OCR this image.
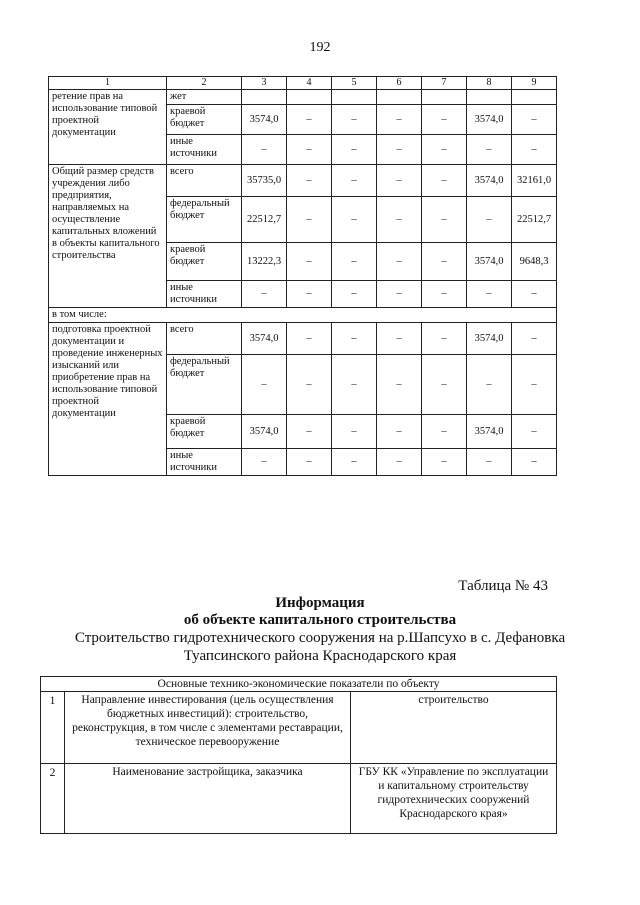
192
1	2	3	4	5	6	7	8	9
ретение прав на использование типовой проектной документации	жет							
	краевой бюджет	3574,0	–	–	–	–	3574,0	–
	иные источники	–	–	–	–	–	–	–
Общий размер средств учреждения либо предприятия, направляемых на осуществление капитальных вложений в объекты капитального строительства	всего	35735,0	–	–	–	–	3574,0	32161,0
	федеральный бюджет	22512,7	–	–	–	–	–	22512,7
	краевой бюджет	13222,3	–	–	–	–	3574,0	9648,3
	иные источники	–	–	–	–	–	–	–
в том числе:								
подготовка проектной документации и проведение инженерных изысканий или приобретение прав на использование типовой проектной документации	всего	3574,0	–	–	–	–	3574,0	–
	федеральный бюджет	–	–	–	–	–	–	–
	краевой бюджет	3574,0	–	–	–	–	3574,0	–
	иные источники	–	–	–	–	–	–	–
Таблица № 43
Информация
об объекте капитального строительства
Строительство гидротехнического сооружения на р.Шапсухо в с. Дефановка
Туапсинского района Краснодарского края
Основные технико-экономические показатели по объекту		
1	Направление инвестирования (цель осуществления бюджетных инвестиций): строительство, реконструкция, в том числе с элементами реставрации, техническое перевооружение	строительство
2	Наименование застройщика, заказчика	ГБУ КК «Управление по эксплуатации и капитальному строительству гидротехнических сооружений Краснодарского края»
